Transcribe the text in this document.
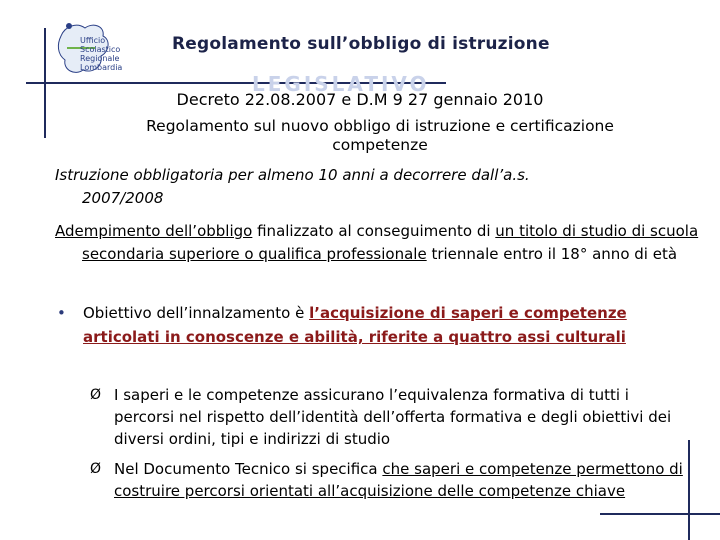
Ufficio
Scolastico
Regionale
Lombardia
Regolamento sull’obbligo di istruzione
LEGISLATIVO
Decreto 22.08.2007 e D.M 9 27 gennaio 2010
Regolamento sul nuovo obbligo di istruzione e certificazione
competenze
Istruzione obbligatoria per almeno 10 anni a decorrere dall’a.s.
2007/2008
Adempimento dell’obbligo finalizzato al conseguimento di un titolo di studio di scuola secondaria superiore o qualifica professionale triennale entro il 18° anno di età
• Obiettivo dell’innalzamento è l’acquisizione di saperi e competenze articolati in conoscenze e abilità, riferite a quattro assi culturali
Ø I saperi e le competenze assicurano l’equivalenza formativa di tutti i percorsi nel rispetto dell’identità dell’offerta formativa e degli obiettivi dei diversi ordini, tipi e indirizzi di studio
Ø Nel Documento Tecnico si specifica che saperi e competenze permettono di costruire percorsi orientati all’acquisizione delle competenze chiave
